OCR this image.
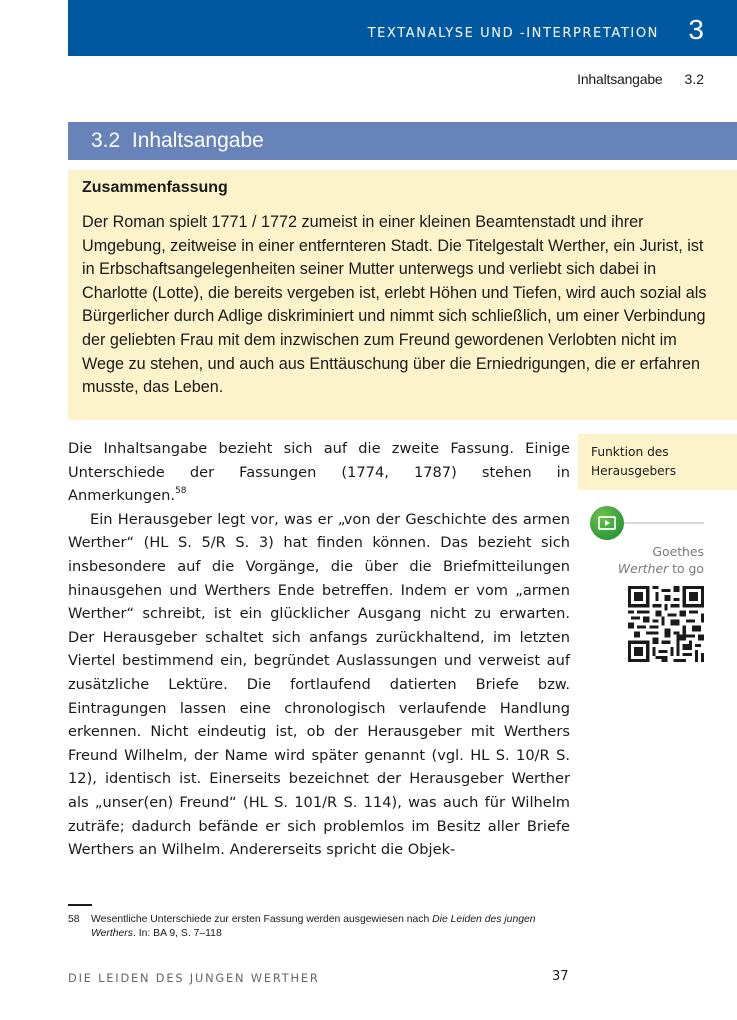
TEXTANALYSE UND -INTERPRETATION 3
Inhaltsangabe 3.2
3.2  Inhaltsangabe
Zusammenfassung
Der Roman spielt 1771 / 1772 zumeist in einer kleinen Beamtenstadt und ihrer Umgebung, zeitweise in einer entfernteren Stadt. Die Titelgestalt Werther, ein Jurist, ist in Erbschaftsangelegenheiten seiner Mutter unterwegs und verliebt sich dabei in Charlotte (Lotte), die bereits vergeben ist, erlebt Höhen und Tiefen, wird auch sozial als Bürgerlicher durch Adlige diskriminiert und nimmt sich schließlich, um einer Verbindung der geliebten Frau mit dem inzwischen zum Freund gewordenen Verlobten nicht im Wege zu stehen, und auch aus Enttäuschung über die Erniedrigungen, die er erfahren musste, das Leben.

Die Inhaltsangabe bezieht sich auf die zweite Fassung. Einige Unterschiede der Fassungen (1774, 1787) stehen in Anmerkungen.$^{58}$

Ein Herausgeber legt vor, was er „von der Geschichte des armen Werther“ (HL S. 5/R S. 3) hat finden können. Das bezieht sich insbesondere auf die Vorgänge, die über die Briefmitteilungen hinausgehen und Werthers Ende betreffen. Indem er vom „armen Werther“ schreibt, ist ein glücklicher Ausgang nicht zu erwarten. Der Herausgeber schaltet sich anfangs zurückhaltend, im letzten Viertel bestimmend ein, begründet Auslassungen und verweist auf zusätzliche Lektüre. Die fortlaufend datierten Briefe bzw. Eintragungen lassen eine chronologisch verlaufende Handlung erkennen. Nicht eindeutig ist, ob der Herausgeber mit Werthers Freund Wilhelm, der Name wird später genannt (vgl. HL S. 10/R S. 12), identisch ist. Einerseits bezeichnet der Herausgeber Werther als „unser(en) Freund“ (HL S. 101/R S. 114), was auch für Wilhelm zuträfe; dadurch befände er sich problemlos im Besitz aller Briefe Werthers an Wilhelm. Andererseits spricht die Objek-

Funktion des Herausgebers
Goethes
Werther to go
58	Wesentliche Unterschiede zur ersten Fassung werden ausgewiesen nach Die Leiden des jungen Werthers. In: BA 9, S. 7–118
DIE LEIDEN DES JUNGEN WERTHER	37
